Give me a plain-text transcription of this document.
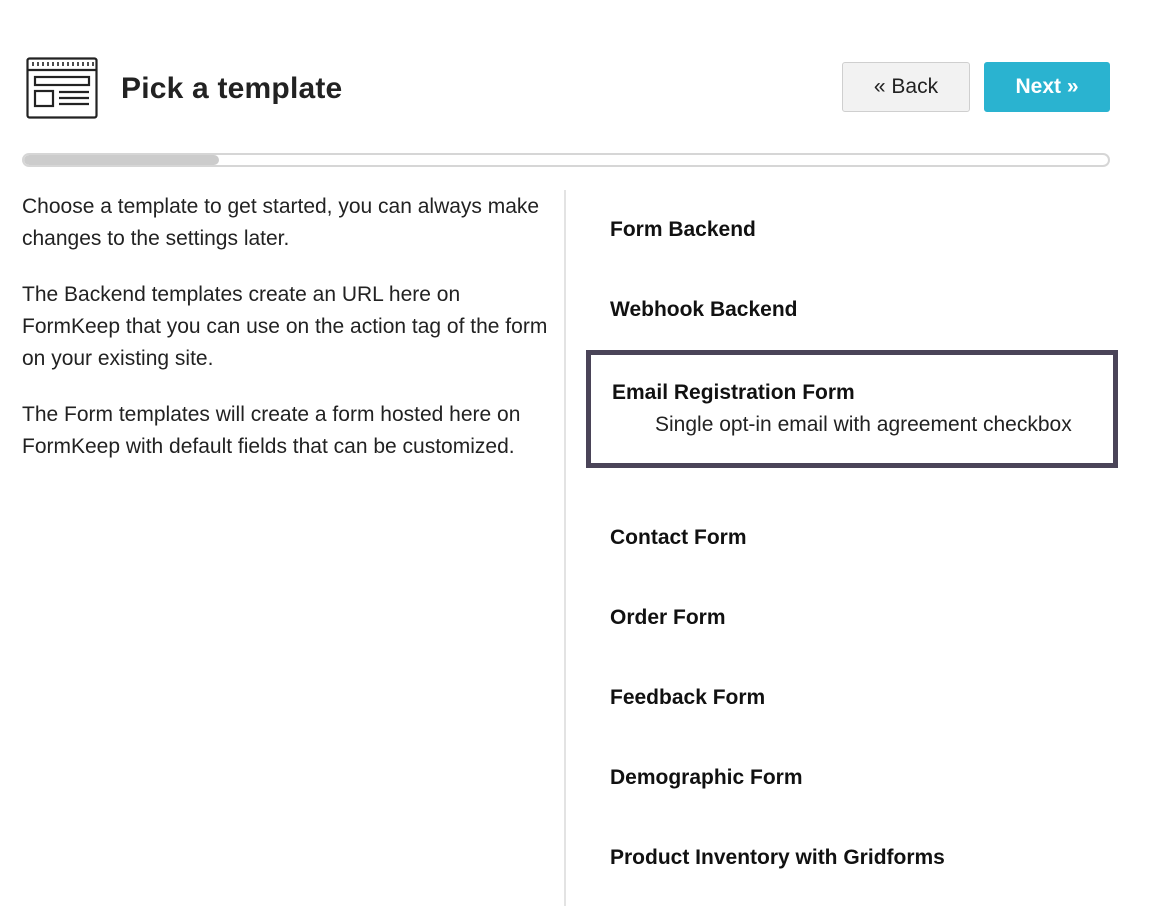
Pick a template	« Back	Next »

Choose a template to get started, you can always make changes to the settings later.

The Backend templates create an URL here on FormKeep that you can use on the action tag of the form on your existing site.

The Form templates will create a form hosted here on FormKeep with default fields that can be customized.

Form Backend
Webhook Backend
Email Registration Form
Single opt-in email with agreement checkbox
Contact Form
Order Form
Feedback Form
Demographic Form
Product Inventory with Gridforms
